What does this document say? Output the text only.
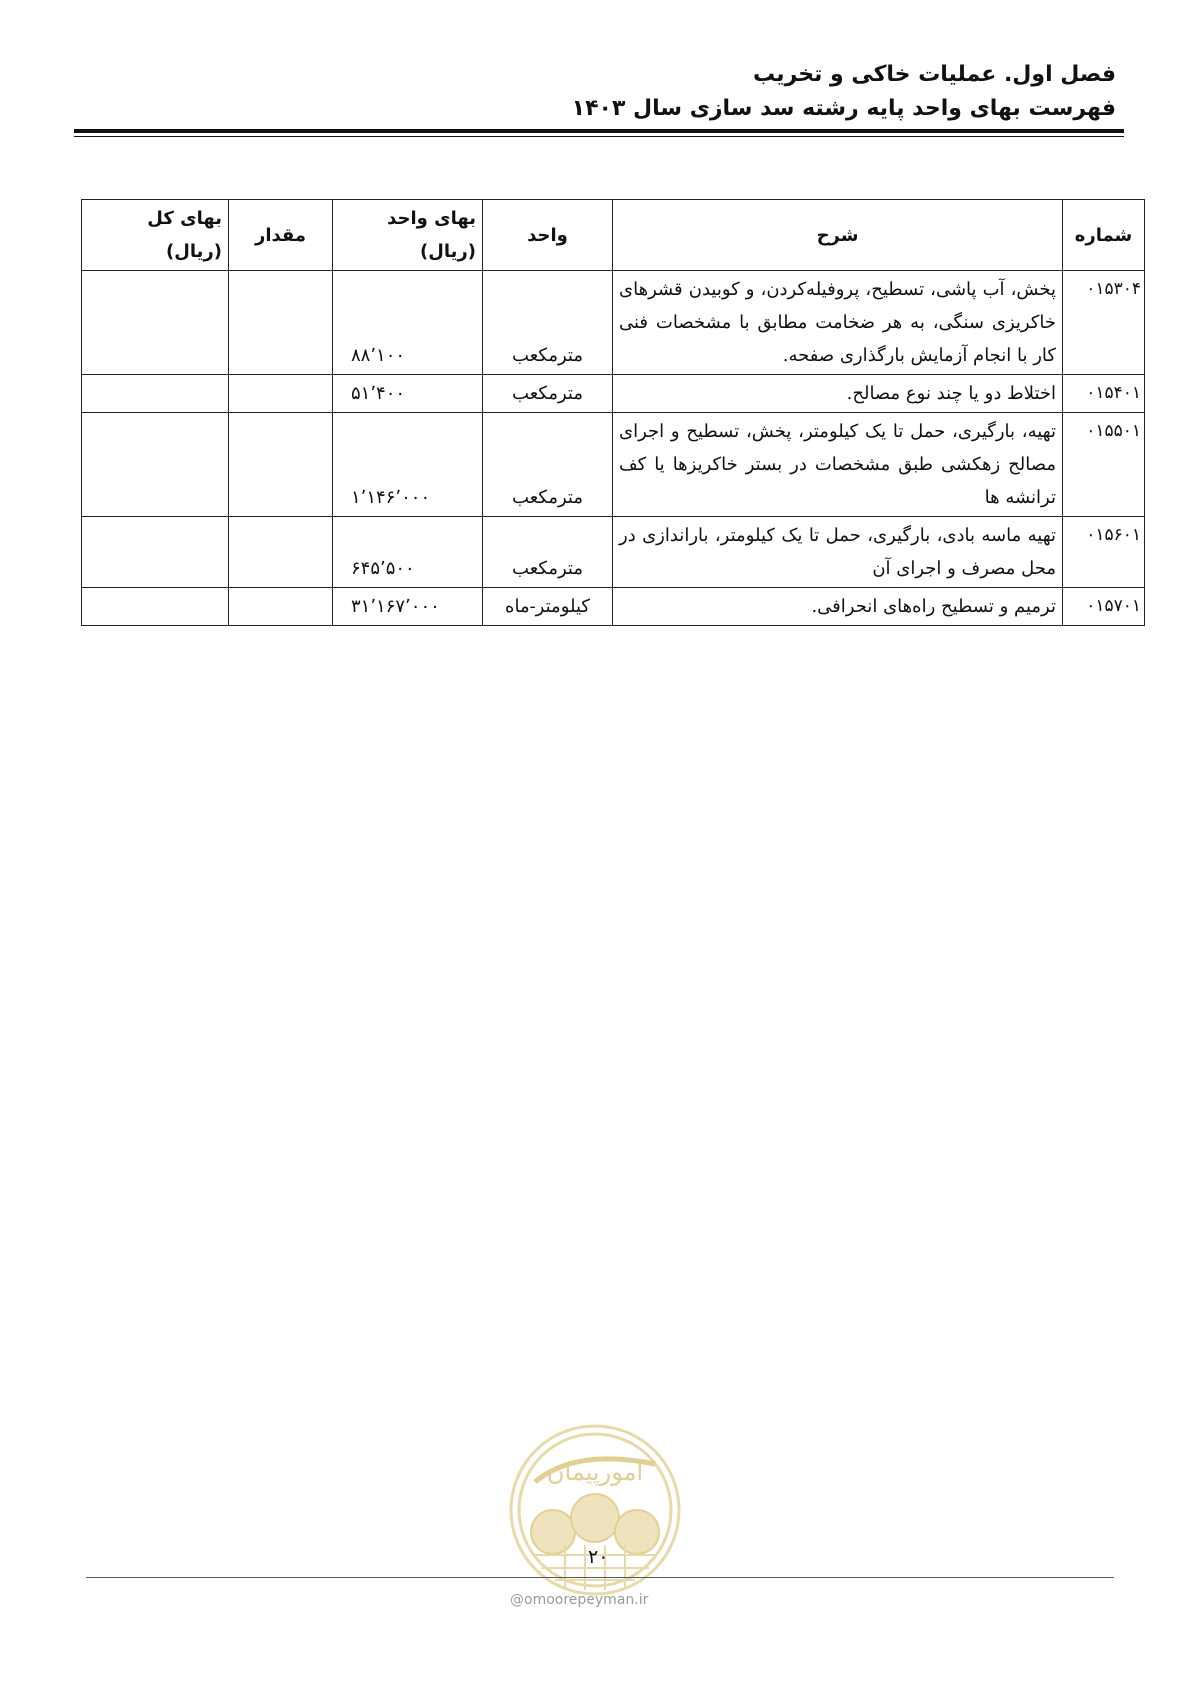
فصل اول. عملیات خاکی و تخریب
فهرست بهای واحد پایه رشته سد سازی سال ۱۴۰۳
شماره	شرح	واحد	بهای واحد (ریال)	مقدار	بهای کل (ریال)
۰۱۵۳۰۴	پخش، آب پاشی، تسطیح، پروفیله‌کردن، و کوبیدن قشرهای خاکریزی سنگی، به هر ضخامت مطابق با مشخصات فنی کار با انجام آزمایش بارگذاری صفحه.	مترمکعب	۸۸٬۱۰۰		
۰۱۵۴۰۱	اختلاط دو یا چند نوع مصالح.	مترمکعب	۵۱٬۴۰۰		
۰۱۵۵۰۱	تهیه، بارگیری، حمل تا یک کیلومتر، پخش، تسطیح و اجرای مصالح زهکشی طبق مشخصات در بستر خاکریزها یا کف ترانشه ها	مترمکعب	۱٬۱۴۶٬۰۰۰		
۰۱۵۶۰۱	تهیه ماسه بادی، بارگیری، حمل تا یک کیلومتر، باراندازی در محل مصرف و اجرای آن	مترمکعب	۶۴۵٬۵۰۰		
۰۱۵۷۰۱	ترمیم و تسطیح راه‌های انحرافی.	کیلومتر-ماه	۳۱٬۱۶۷٬۰۰۰		
امورپیمان
۲۰
@omoorepeyman.ir
